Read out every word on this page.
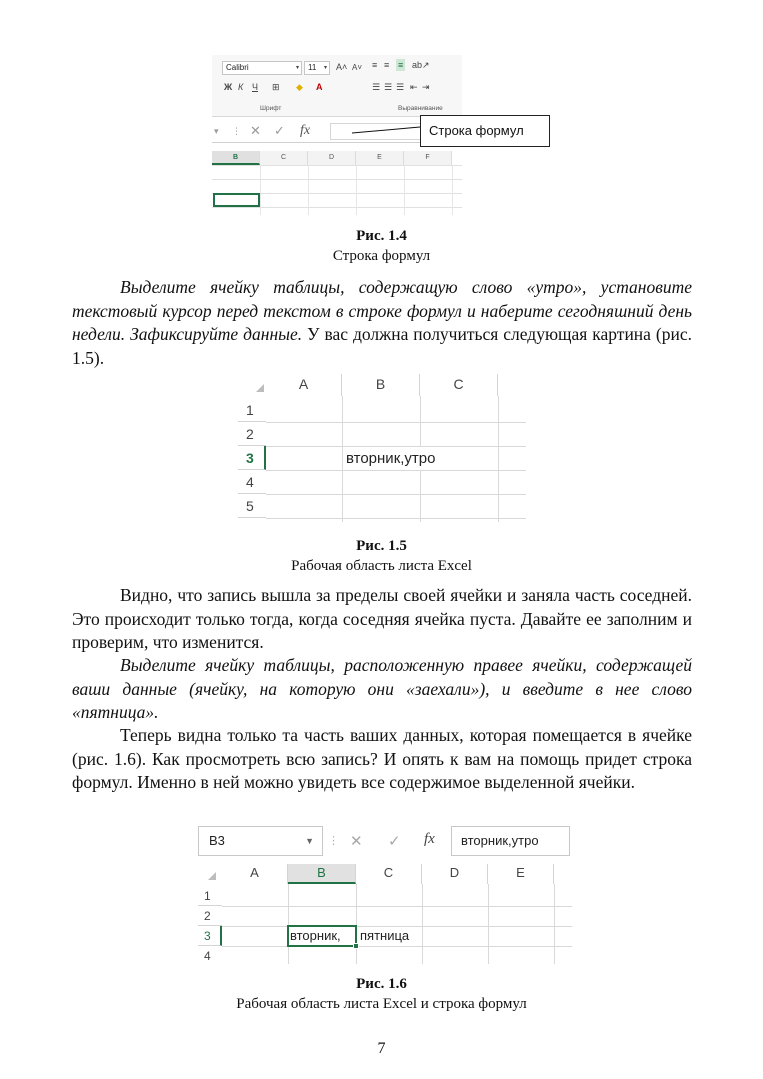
Calibri	▾	11	▾ A˄ A˅ ≡ ≡ ≡ ab↗
Ж К Ч ⊞ ◆ A	☰ ☰ ☰ ⇤ ⇥
Шрифт	Выравнивание
▾ ⋮ ✕ ✓ fx	Строка формул
B	C	D	E	F
Рис. 1.4
Строка формул
Выделите ячейку таблицы, содержащую слово «утро», установите текстовый курсор перед текстом в строке формул и наберите сегодняшний день недели. Зафиксируйте данные. У вас должна получиться следующая картина (рис. 1.5).
A	B	C
1
2
3
4
5
вторник,утро
Рис. 1.5
Рабочая область листа Excel
Видно, что запись вышла за пределы своей ячейки и заняла часть соседней. Это происходит только тогда, когда соседняя ячейка пуста. Давайте ее заполним и проверим, что изменится.
Выделите ячейку таблицы, расположенную правее ячейки, содержащей ваши данные (ячейку, на которую они «заехали»), и введите в нее слово «пятница».
Теперь видна только та часть ваших данных, которая помещается в ячейке (рис. 1.6). Как просмотреть всю запись? И опять к вам на помощь придет строка формул. Именно в ней можно увидеть все содержимое выделенной ячейки.
B3	▼ ⋮ ✕ ✓ fx	вторник,утро
A	B	C	D	E
1
2
3
4
вторник, пятница
Рис. 1.6
Рабочая область листа Excel и строка формул
7
